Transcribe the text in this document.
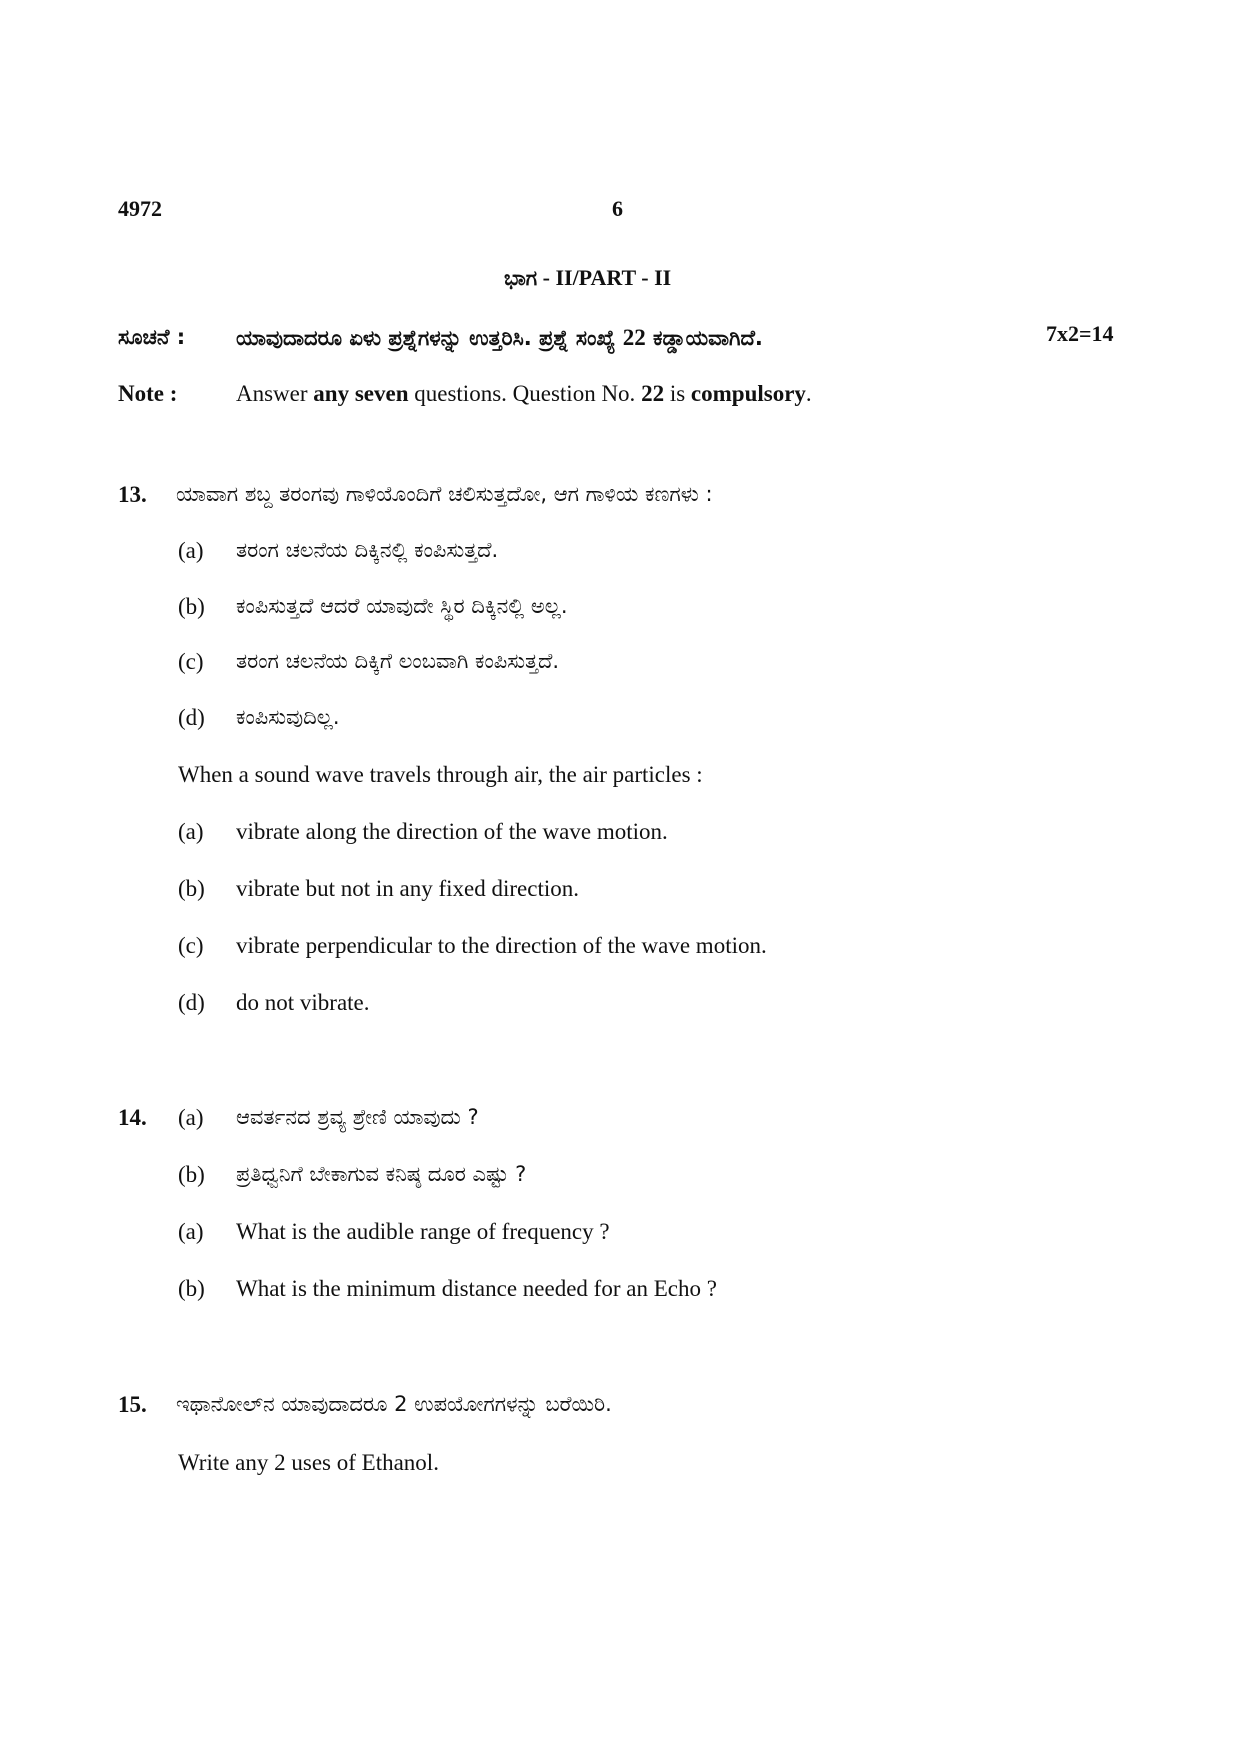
4972	6
ಭಾಗ - II/PART - II
7x2=14
ಸೂಚನೆ : ಯಾವುದಾದರೂ ಏಳು ಪ್ರಶ್ನೆಗಳನ್ನು ಉತ್ತರಿಸಿ. ಪ್ರಶ್ನೆ ಸಂಖ್ಯೆ 22 ಕಡ್ಡಾಯವಾಗಿದೆ.
Note :	Answer any seven questions. Question No. 22 is compulsory.
13. ಯಾವಾಗ ಶಬ್ದ ತರಂಗವು ಗಾಳಿಯೊಂದಿಗೆ ಚಲಿಸುತ್ತದೋ, ಆಗ ಗಾಳಿಯ ಕಣಗಳು :
(a) ತರಂಗ ಚಲನೆಯ ದಿಕ್ಕಿನಲ್ಲಿ ಕಂಪಿಸುತ್ತದೆ.
(b) ಕಂಪಿಸುತ್ತದೆ ಆದರೆ ಯಾವುದೇ ಸ್ಥಿರ ದಿಕ್ಕಿನಲ್ಲಿ ಅಲ್ಲ.
(c) ತರಂಗ ಚಲನೆಯ ದಿಕ್ಕಿಗೆ ಲಂಬವಾಗಿ ಕಂಪಿಸುತ್ತದೆ.
(d) ಕಂಪಿಸುವುದಿಲ್ಲ.
When a sound wave travels through air, the air particles :
(a) vibrate along the direction of the wave motion.
(b) vibrate but not in any fixed direction.
(c) vibrate perpendicular to the direction of the wave motion.
(d) do not vibrate.
14. (a) ಆವರ್ತನದ ಶ್ರವ್ಯ ಶ್ರೇಣಿ ಯಾವುದು ?
(b) ಪ್ರತಿಧ್ವನಿಗೆ ಬೇಕಾಗುವ ಕನಿಷ್ಠ ದೂರ ಎಷ್ಟು ?
(a) What is the audible range of frequency ?
(b) What is the minimum distance needed for an Echo ?
15. ಇಥಾನೋಲ್‌ನ ಯಾವುದಾದರೂ 2 ಉಪಯೋಗಗಳನ್ನು ಬರೆಯಿರಿ.
Write any 2 uses of Ethanol.
